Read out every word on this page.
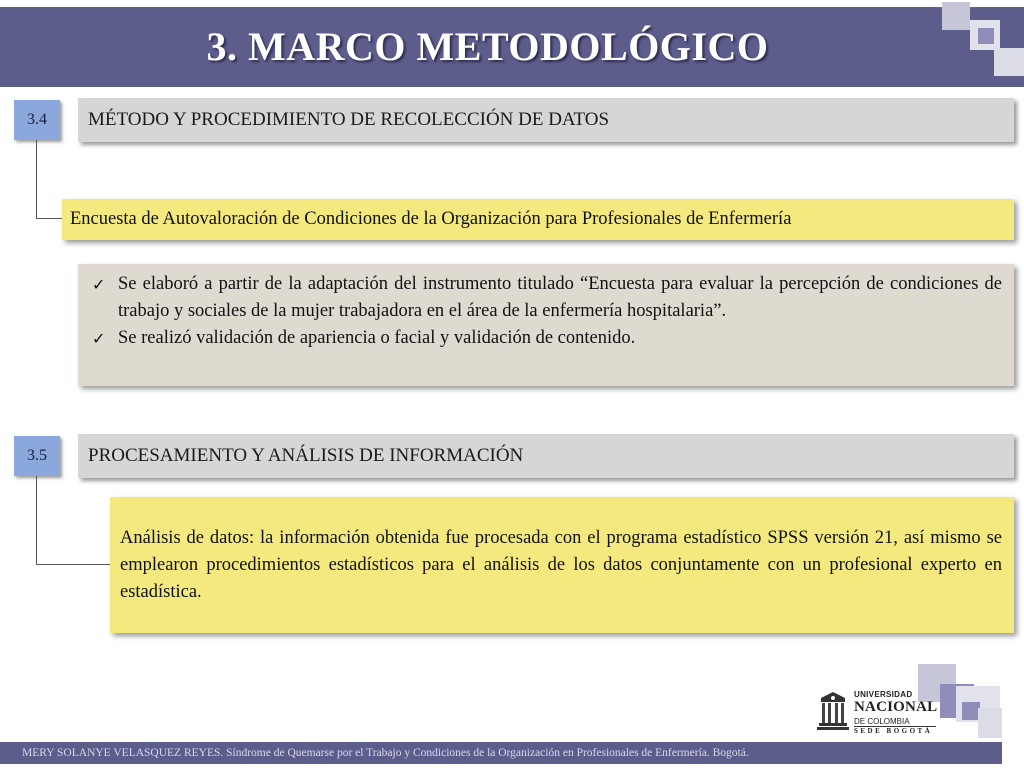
3. MARCO METODOLÓGICO
3.4	MÉTODO Y PROCEDIMIENTO DE RECOLECCIÓN DE DATOS
Encuesta de Autovaloración de Condiciones de la Organización para Profesionales de Enfermería
✓ Se elaboró a partir de la adaptación del instrumento titulado “Encuesta para evaluar la percepción de condiciones de trabajo y sociales de la mujer trabajadora en el área de la enfermería hospitalaria”.
✓ Se realizó validación de apariencia o facial y validación de contenido.
3.5	PROCESAMIENTO Y ANÁLISIS DE INFORMACIÓN
Análisis de datos: la información obtenida fue procesada con el programa estadístico SPSS versión 21, así mismo se emplearon procedimientos estadísticos para el análisis de los datos conjuntamente con un profesional experto en estadística.
UNIVERSIDAD
NACIONAL
DE COLOMBIA
SEDE BOGOTÁ
MERY SOLANYE VELASQUEZ REYES. Síndrome de Quemarse por el Trabajo y Condiciones de la Organización en Profesionales de Enfermería. Bogotá.
